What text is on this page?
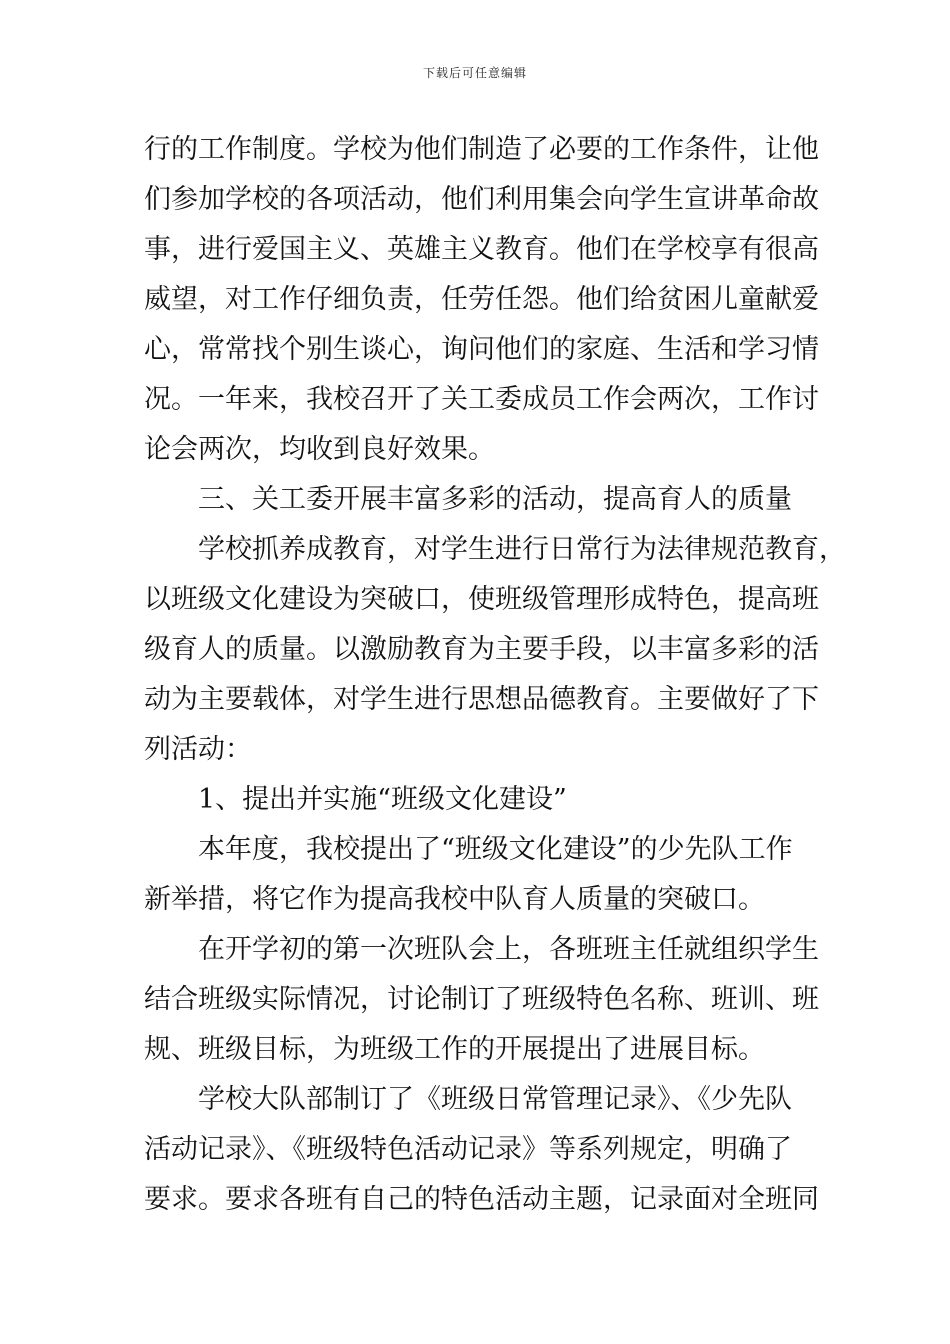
下载后可任意编辑
行的工作制度。学校为他们制造了必要的工作条件，让他
们参加学校的各项活动，他们利用集会向学生宣讲革命故
事，进行爱国主义、英雄主义教育。他们在学校享有很高
威望，对工作仔细负责，任劳任怨。他们给贫困儿童献爱
心，常常找个别生谈心，询问他们的家庭、生活和学习情
况。一年来，我校召开了关工委成员工作会两次，工作讨
论会两次，均收到良好效果。
三、关工委开展丰富多彩的活动，提高育人的质量
学校抓养成教育，对学生进行日常行为法律规范教育，
以班级文化建设为突破口，使班级管理形成特色，提高班
级育人的质量。以激励教育为主要手段，以丰富多彩的活
动为主要载体，对学生进行思想品德教育。主要做好了下
列活动：
1、提出并实施“班级文化建设”
本年度，我校提出了“班级文化建设”的少先队工作
新举措，将它作为提高我校中队育人质量的突破口。
在开学初的第一次班队会上，各班班主任就组织学生
结合班级实际情况，讨论制订了班级特色名称、班训、班
规、班级目标，为班级工作的开展提出了进展目标。
学校大队部制订了《班级日常管理记录》、《少先队
活动记录》、《班级特色活动记录》等系列规定，明确了
要求。要求各班有自己的特色活动主题，记录面对全班同
